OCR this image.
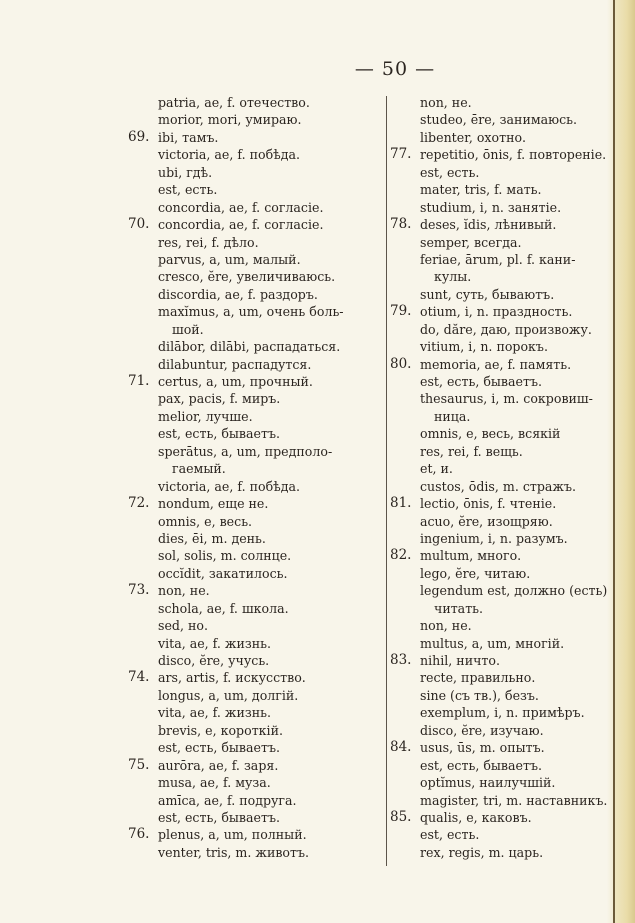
— 50 —
patria, ae, f. отечество.
morior, mori, умираю.
69. ibi, тамъ.
victoria, ae, f. побѣда.
ubi, гдѣ.
est, есть.
concordia, ae, f. согласіе.
70. concordia, ae, f. согласіе.
res, rei, f. дѣло.
parvus, a, um, малый.
cresco, ĕre, увеличиваюсь.
discordia, ae, f. раздоръ.
maxĭmus, a, um, очень боль-
шой.
dilābor, dilābi, распадаться.
dilabuntur, распадутся.
71. certus, a, um, прочный.
pax, pacis, f. миръ.
melior, лучше.
est, есть, бываетъ.
sperātus, a, um, предполо-
гаемый.
victoria, ae, f. побѣда.
72. nondum, еще не.
omnis, e, весь.
dies, ēi, m. день.
sol, solis, m. солнце.
occĭdit, закатилось.
73. non, не.
schola, ae, f. школа.
sed, но.
vita, ae, f. жизнь.
disco, ĕre, учусь.
74. ars, artis, f. искусство.
longus, a, um, долгій.
vita, ae, f. жизнь.
brevis, e, короткій.
est, есть, бываетъ.
75. aurōra, ae, f. заря.
musa, ae, f. муза.
amīca, ae, f. подруга.
est, есть, бываетъ.
76. plenus, a, um, полный.
venter, tris, m. животъ.
non, не.
studeo, ēre, занимаюсь.
libenter, охотно.
77. repetitio, ōnis, f. повтореніе.
est, есть.
mater, tris, f. мать.
studium, i, n. занятіе.
78. deses, ĭdis, лѣнивый.
semper, всегда.
feriae, ārum, pl. f. кани-
кулы.
sunt, суть, бываютъ.
79. otium, i, n. праздность.
do, dăre, даю, произвожу.
vitium, i, n. порокъ.
80. memoria, ae, f. память.
est, есть, бываетъ.
thesaurus, i, m. сокровиш-
ница.
omnis, e, весь, всякій
res, rei, f. вещь.
et, и.
custos, ōdis, m. стражъ.
81. lectio, ōnis, f. чтеніе.
acuo, ĕre, изощряю.
ingenium, i, n. разумъ.
82. multum, много.
lego, ĕre, читаю.
legendum est, должно (есть)
читать.
non, не.
multus, a, um, многій.
83. nihil, ничто.
recte, правильно.
sine (съ тв.), безъ.
exemplum, i, n. примѣръ.
disco, ĕre, изучаю.
84. usus, ūs, m. опытъ.
est, есть, бываетъ.
optĭmus, наилучшій.
magister, tri, m. наставникъ.
85. qualis, e, каковъ.
est, есть.
rex, regis, m. царь.
